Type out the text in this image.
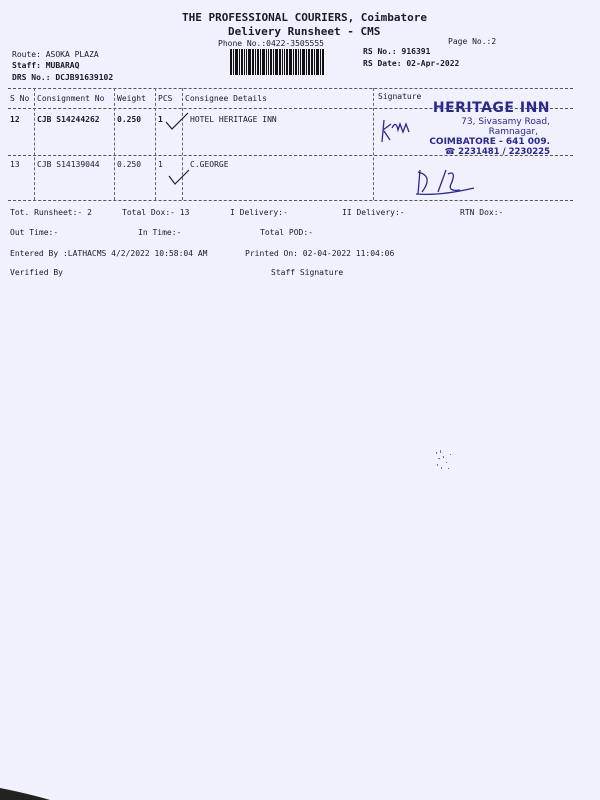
THE PROFESSIONAL COURIERS, Coimbatore
Delivery Runsheet - CMS
Phone No.:0422-3505555	Page No.:2
Route: ASOKA PLAZA
Staff: MUBARAQ
DRS No.: DCJB91639102
RS No.: 916391
RS Date: 02-Apr-2022
S No Consignment No Weight PCS Consignee Details	Signature
12 CJB S14244262 0.250 1	HOTEL HERITAGE INN
13 CJB S14139044 0.250 1	C.GEORGE
HERITAGE INN
73, Sivasamy Road,
Ramnagar,
COIMBATORE - 641 009.
☎ 2231481 / 2230225
Tot. Runsheet:- 2	Total Dox:- 13	I Delivery:-	II Delivery:-	RTN Dox:-
Out Time:-	In Time:-	Total POD:-
Entered By :LATHACMS 4/2/2022 10:58:04 AM	Printed On: 02-04-2022 11:04:06
Verified By	Staff Signature
